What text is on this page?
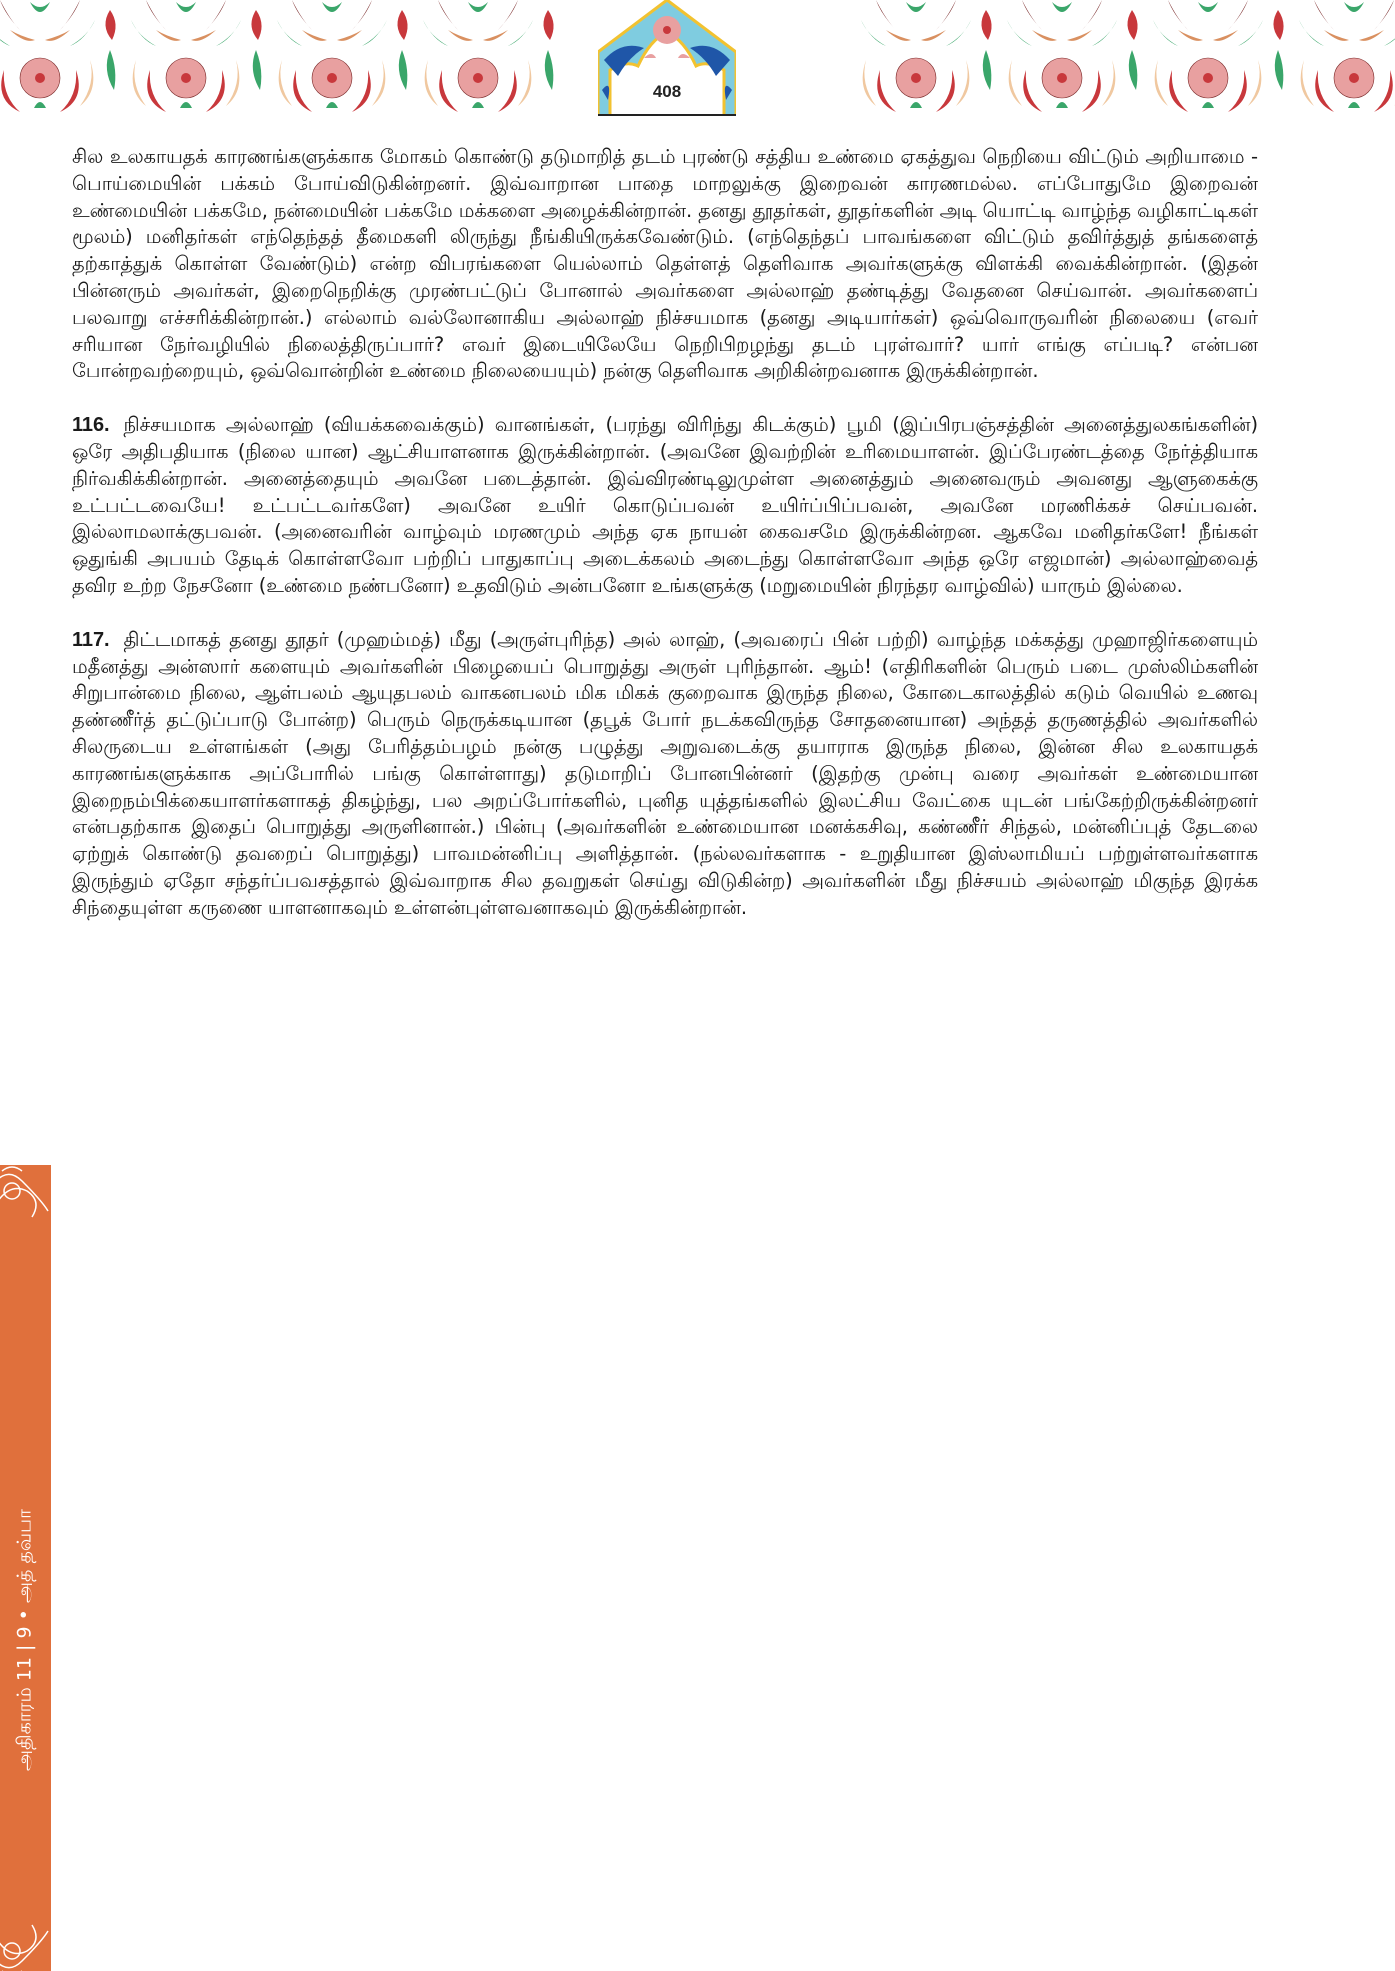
408

சில உலகாயதக் காரணங்களுக்காக மோகம் கொண்டு தடுமாறித் தடம் புரண்டு சத்திய உண்மை ஏகத்துவ நெறியை விட்டும் அறியாமை - பொய்மையின் பக்கம் போய்விடுகின்றனர். இவ்வாறான பாதை மாறலுக்கு இறைவன் காரணமல்ல. எப்போதுமே இறைவன் உண்மையின் பக்கமே, நன்மையின் பக்கமே மக்களை அழைக்கின்றான். தனது தூதர்கள், தூதர்களின் அடி யொட்டி வாழ்ந்த வழிகாட்டிகள் மூலம்) மனிதர்கள் எந்தெந்தத் தீமைகளி லிருந்து நீங்கியிருக்கவேண்டும். (எந்தெந்தப் பாவங்களை விட்டும் தவிர்த்துத் தங்களைத் தற்காத்துக் கொள்ள வேண்டும்) என்ற விபரங்களை யெல்லாம் தெள்ளத் தெளிவாக அவர்களுக்கு விளக்கி வைக்கின்றான். (இதன் பின்னரும் அவர்கள், இறைநெறிக்கு முரண்பட்டுப் போனால் அவர்களை அல்லாஹ் தண்டித்து வேதனை செய்வான். அவர்களைப் பலவாறு எச்சரிக்கின்றான்.) எல்லாம் வல்லோனாகிய அல்லாஹ் நிச்சயமாக (தனது அடியார்கள்) ஒவ்வொருவரின் நிலையை (எவர் சரியான நேர்வழியில் நிலைத்திருப்பார்? எவர் இடையிலேயே நெறிபிறழந்து தடம் புரள்வார்? யார் எங்கு எப்படி? என்பன போன்றவற்றையும், ஒவ்வொன்றின் உண்மை நிலையையும்) நன்கு தெளிவாக அறிகின்றவனாக இருக்கின்றான்.

116. நிச்சயமாக அல்லாஹ் (வியக்கவைக்கும்) வானங்கள், (பரந்து விரிந்து கிடக்கும்) பூமி (இப்பிரபஞ்சத்தின் அனைத்துலகங்களின்) ஒரே அதிபதியாக (நிலை யான) ஆட்சியாளனாக இருக்கின்றான். (அவனே இவற்றின் உரிமையாளன். இப்பேரண்டத்தை நேர்த்தியாக நிர்வகிக்கின்றான். அனைத்தையும் அவனே படைத்தான். இவ்விரண்டிலுமுள்ள அனைத்தும் அனைவரும் அவனது ஆளுகைக்கு உட்பட்டவையே! உட்பட்டவர்களே) அவனே உயிர் கொடுப்பவன் உயிர்ப்பிப்பவன், அவனே மரணிக்கச் செய்பவன். இல்லாமலாக்குபவன். (அனைவரின் வாழ்வும் மரணமும் அந்த ஏக நாயன் கைவசமே இருக்கின்றன. ஆகவே மனிதர்களே! நீங்கள் ஒதுங்கி அபயம் தேடிக் கொள்ளவோ பற்றிப் பாதுகாப்பு அடைக்கலம் அடைந்து கொள்ளவோ அந்த ஒரே எஜமான்) அல்லாஹ்வைத் தவிர உற்ற நேசனோ (உண்மை நண்பனோ) உதவிடும் அன்பனோ உங்களுக்கு (மறுமையின் நிரந்தர வாழ்வில்) யாரும் இல்லை.

117. திட்டமாகத் தனது தூதர் (முஹம்மத்) மீது (அருள்புரிந்த) அல் லாஹ், (அவரைப் பின் பற்றி) வாழ்ந்த மக்கத்து முஹாஜிர்களையும் மதீனத்து அன்ஸார் களையும் அவர்களின் பிழையைப் பொறுத்து அருள் புரிந்தான். ஆம்! (எதிரிகளின் பெரும் படை முஸ்லிம்களின் சிறுபான்மை நிலை, ஆள்பலம் ஆயுதபலம் வாகனபலம் மிக மிகக் குறைவாக இருந்த நிலை, கோடைகாலத்தில் கடும் வெயில் உணவு தண்ணீர்த் தட்டுப்பாடு போன்ற) பெரும் நெருக்கடியான (தபூக் போர் நடக்கவிருந்த சோதனையான) அந்தத் தருணத்தில் அவர்களில் சிலருடைய உள்ளங்கள் (அது பேரித்தம்பழம் நன்கு பழுத்து அறுவடைக்கு தயாராக இருந்த நிலை, இன்ன சில உலகாயதக் காரணங்களுக்காக அப்போரில் பங்கு கொள்ளாது) தடுமாறிப் போனபின்னர் (இதற்கு முன்பு வரை அவர்கள் உண்மையான இறைநம்பிக்கையாளர்களாகத் திகழ்ந்து, பல அறப்போர்களில், புனித யுத்தங்களில் இலட்சிய வேட்கை யுடன் பங்கேற்றிருக்கின்றனர் என்பதற்காக இதைப் பொறுத்து அருளினான்.) பின்பு (அவர்களின் உண்மையான மனக்கசிவு, கண்ணீர் சிந்தல், மன்னிப்புத் தேடலை ஏற்றுக் கொண்டு தவறைப் பொறுத்து) பாவமன்னிப்பு அளித்தான். (நல்லவர்களாக - உறுதியான இஸ்லாமியப் பற்றுள்ளவர்களாக இருந்தும் ஏதோ சந்தர்ப்பவசத்தால் இவ்வாறாக சில தவறுகள் செய்து விடுகின்ற) அவர்களின் மீது நிச்சயம் அல்லாஹ் மிகுந்த இரக்க சிந்தையுள்ள கருணை யாளனாகவும் உள்ளன்புள்ளவனாகவும் இருக்கின்றான்.

அதிகாரம் 11 | 9 • அத் தவ்பா
